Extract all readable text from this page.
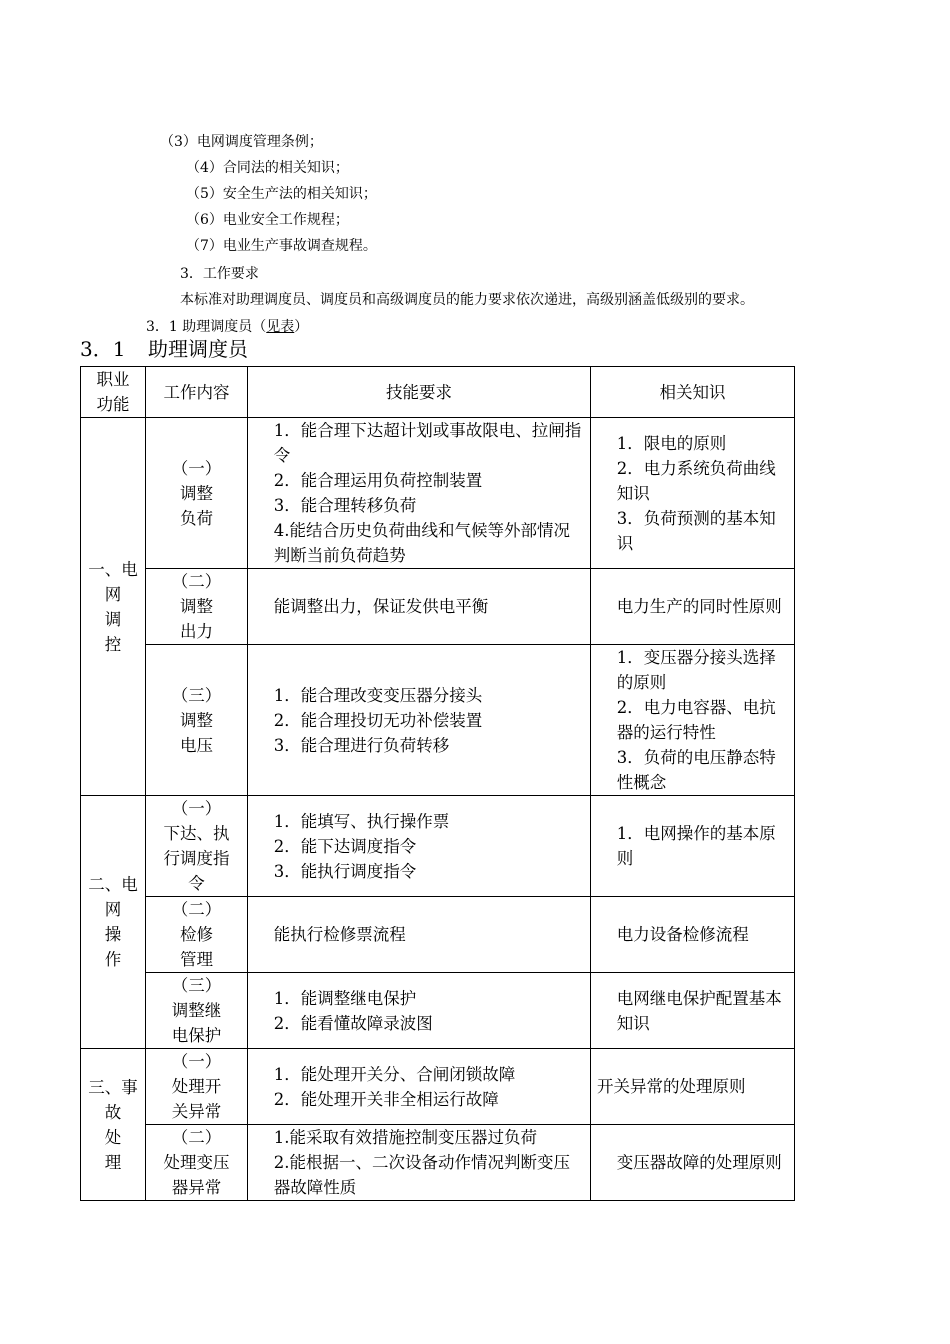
（3）电网调度管理条例；
（4）合同法的相关知识；
（5）安全生产法的相关知识；
（6）电业安全工作规程；
（7）电业生产事故调查规程。
3．工作要求
本标准对助理调度员、调度员和高级调度员的能力要求依次递进，高级别涵盖低级别的要求。
3．1 助理调度员（见表）
3．1 助理调度员
职业
功能	工作内容	技能要求	相关知识

一、电
网
调
控	（一）
调整
负荷	1．能合理下达超计划或事故限电、拉闸指令
2．能合理运用负荷控制装置
3．能合理转移负荷
4.能结合历史负荷曲线和气候等外部情况判断当前负荷趋势	1．限电的原则
2．电力系统负荷曲线知识
3．负荷预测的基本知识

	（二）
调整
出力	能调整出力，保证发供电平衡	电力生产的同时性原则

	（三）
调整
电压	1．能合理改变变压器分接头
2．能合理投切无功补偿装置
3．能合理进行负荷转移	1．变压器分接头选择的原则
2．电力电容器、电抗器的运行特性
3．负荷的电压静态特性概念

二、电
网
操
作	（一）
下达、执
行调度指
令	1．能填写、执行操作票
2．能下达调度指令
3．能执行调度指令	1．电网操作的基本原则

	（二）
检修
管理	能执行检修票流程	电力设备检修流程

	（三）
调整继
电保护	1．能调整继电保护
2．能看懂故障录波图	电网继电保护配置基本知识

三、事
故
处
理	（一）
处理开
关异常	1．能处理开关分、合闸闭锁故障
2．能处理开关非全相运行故障	开关异常的处理原则

	（二）
处理变压
器异常	1.能采取有效措施控制变压器过负荷
2.能根据一、二次设备动作情况判断变压器故障性质	变压器故障的处理原则
